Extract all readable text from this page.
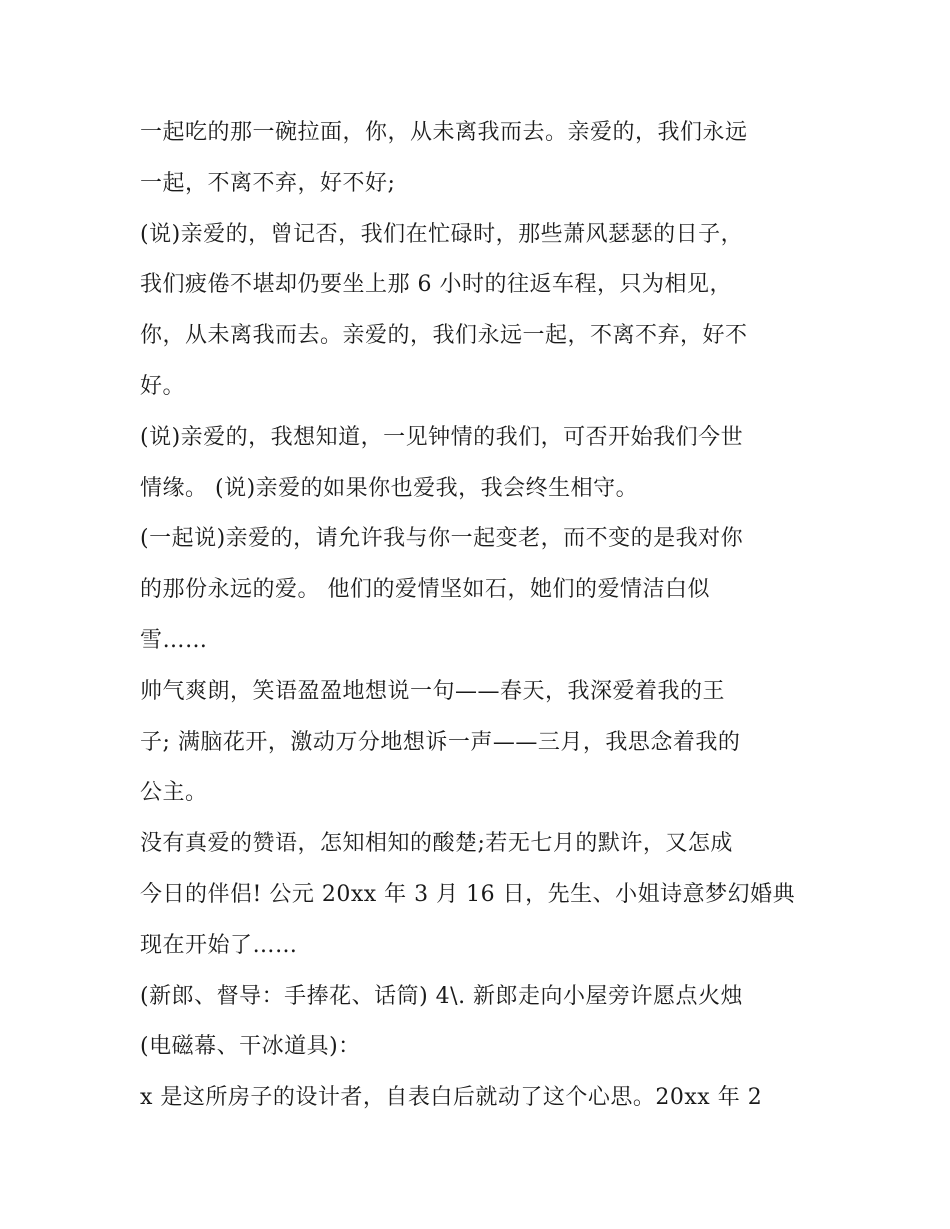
一起吃的那一碗拉面，你，从未离我而去。亲爱的，我们永远
一起，不离不弃，好不好;
(说)亲爱的，曾记否，我们在忙碌时，那些萧风瑟瑟的日子，
我们疲倦不堪却仍要坐上那 6 小时的往返车程，只为相见，
你，从未离我而去。亲爱的，我们永远一起，不离不弃，好不
好。
(说)亲爱的，我想知道，一见钟情的我们，可否开始我们今世
情缘。 (说)亲爱的如果你也爱我，我会终生相守。
(一起说)亲爱的，请允许我与你一起变老，而不变的是我对你
的那份永远的爱。 他们的爱情坚如石，她们的爱情洁白似
雪……
帅气爽朗，笑语盈盈地想说一句——春天，我深爱着我的王
子; 满脑花开，激动万分地想诉一声——三月，我思念着我的
公主。
没有真爱的赞语，怎知相知的酸楚;若无七月的默许，又怎成
今日的伴侣! 公元 20xx 年 3 月 16 日，先生、小姐诗意梦幻婚典
现在开始了……
(新郎、督导：手捧花、话筒) 4\. 新郎走向小屋旁许愿点火烛
(电磁幕、干冰道具)：
x 是这所房子的设计者，自表白后就动了这个心思。20xx 年 2
